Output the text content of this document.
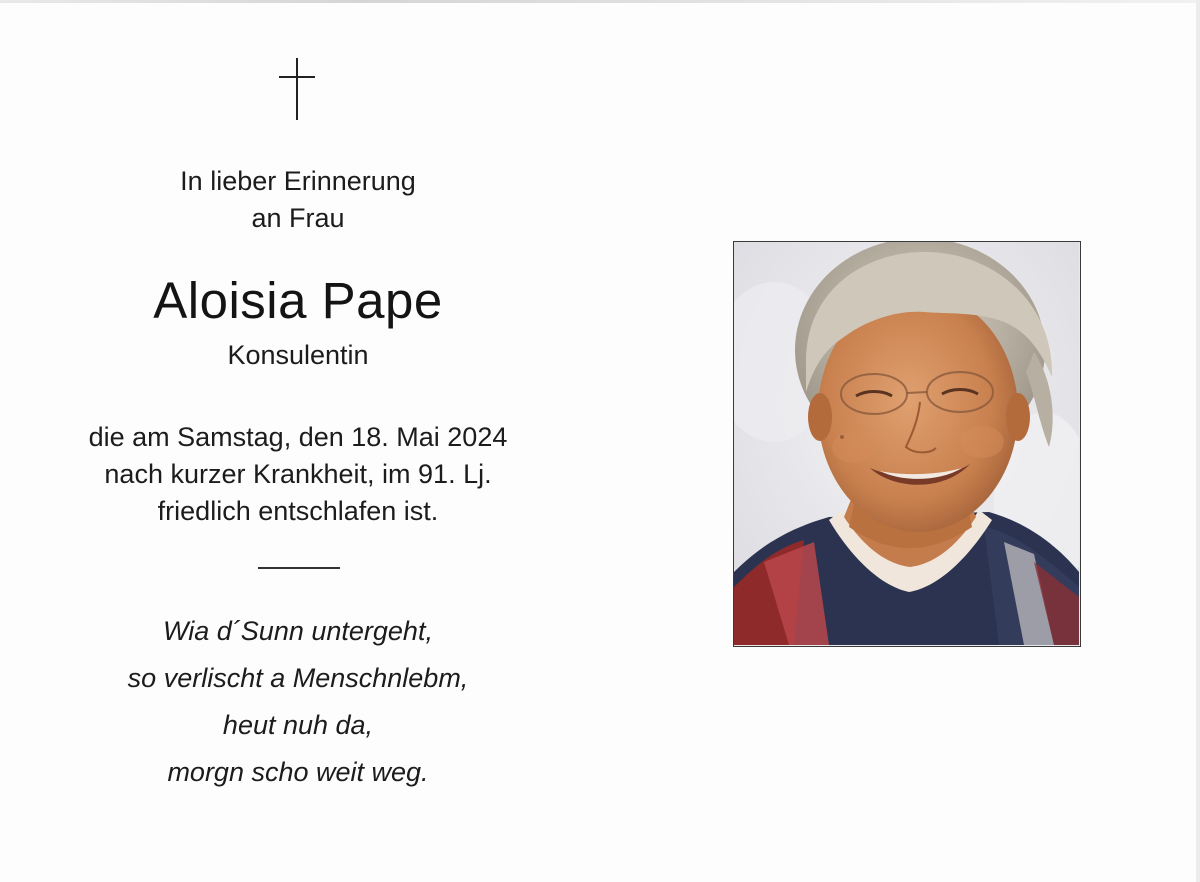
In lieber Erinnerung
an Frau
Aloisia Pape
Konsulentin
die am Samstag, den 18. Mai 2024
nach kurzer Krankheit, im 91. Lj.
friedlich entschlafen ist.
Wia d´Sunn untergeht,
so verlischt a Menschnlebm,
heut nuh da,
morgn scho weit weg.
